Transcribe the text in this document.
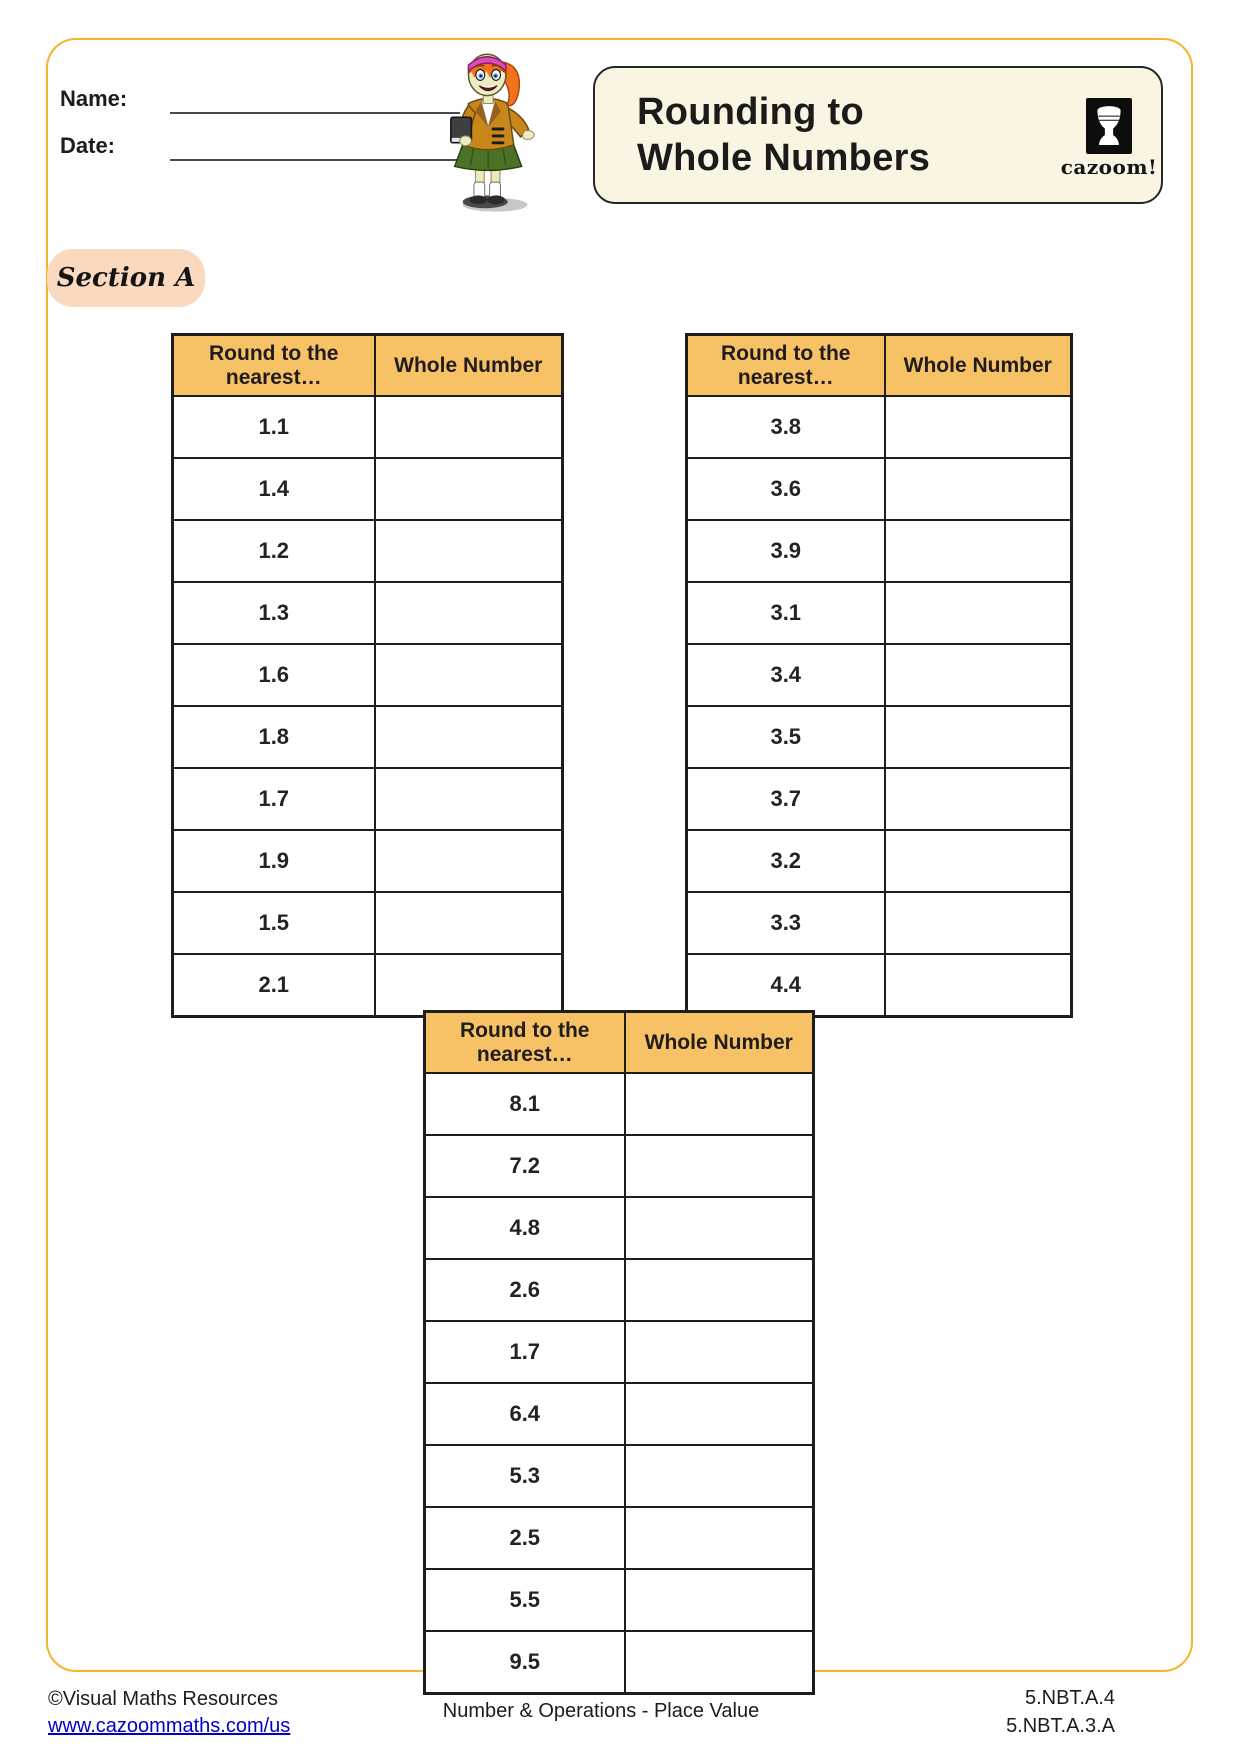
Name:
Date:
Rounding to
Whole Numbers	cazoom!
Section A
Round to the nearest…	Whole Number
1.1	
1.4	
1.2	
1.3	
1.6	
1.8	
1.7	
1.9	
1.5	
2.1	
Round to the nearest…	Whole Number
3.8	
3.6	
3.9	
3.1	
3.4	
3.5	
3.7	
3.2	
3.3	
4.4	
Round to the nearest…	Whole Number
8.1	
7.2	
4.8	
2.6	
1.7	
6.4	
5.3	
2.5	
5.5	
9.5	
©Visual Maths Resources
www.cazoommaths.com/us
Number & Operations - Place Value
5.NBT.A.4
5.NBT.A.3.A
